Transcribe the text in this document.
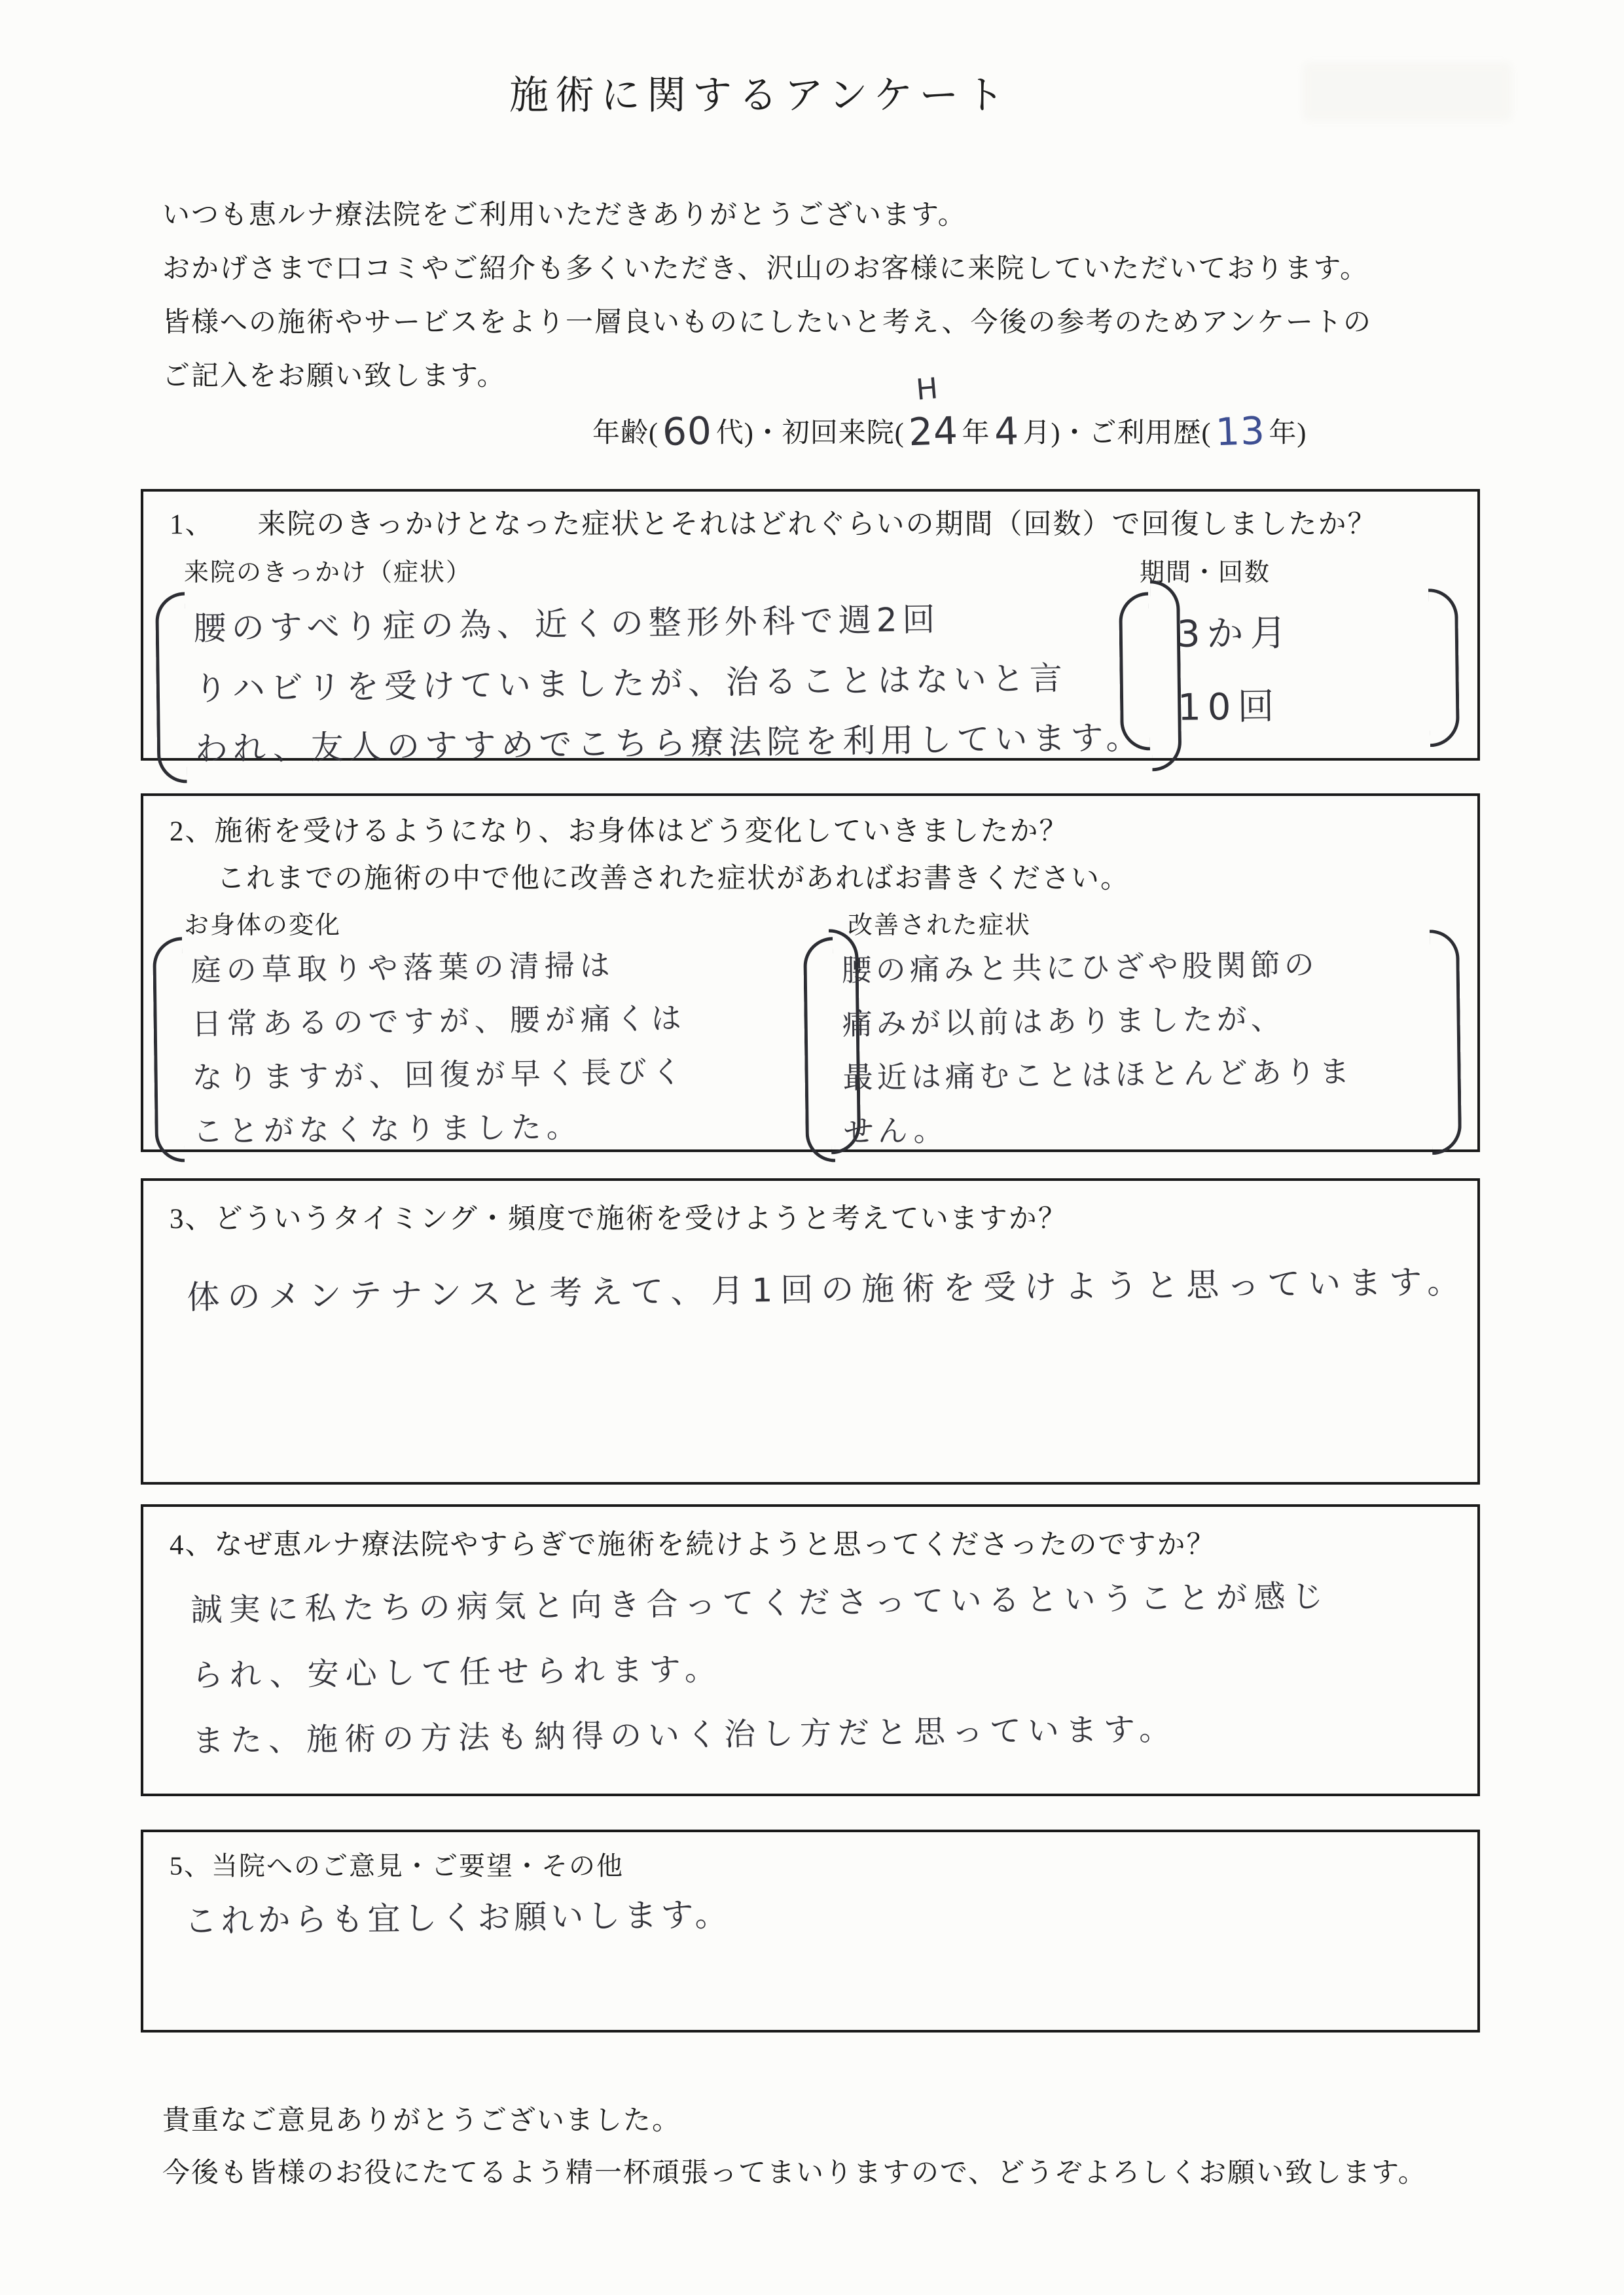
施術に関するアンケート
いつも恵ルナ療法院をご利用いただきありがとうございます。
おかげさまで口コミやご紹介も多くいただき、沢山のお客様に来院していただいております。
皆様への施術やサービスをより一層良いものにしたいと考え、今後の参考のためアンケートの
ご記入をお願い致します。
年齢(60 代)・初回来院(
H
24 年4 月)・ご利用歴(13 年)
1、 来院のきっかけとなった症状とそれはどれぐらいの期間（回数）で回復しましたか？
来院のきっかけ（症状）	期間・回数
腰のすべり症の為、近くの整形外科で週2回
りハビリを受けていましたが、治ることはないと言
われ、友人のすすめでこちら療法院を利用しています。
3か月
10回
2、施術を受けるようになり、お身体はどう変化していきましたか？
これまでの施術の中で他に改善された症状があればお書きください。
お身体の変化	改善された症状
庭の草取りや落葉の清掃は
日常あるのですが、腰が痛くは
なりますが、回復が早く長びく
ことがなくなりました。
腰の痛みと共にひざや股関節の
痛みが以前はありましたが、
最近は痛むことはほとんどありま
せん。
3、どういうタイミング・頻度で施術を受けようと考えていますか？
体のメンテナンスと考えて、月1回の施術を受けようと思っています。
4、なぜ恵ルナ療法院やすらぎで施術を続けようと思ってくださったのですか？
誠実に私たちの病気と向き合ってくださっているということが感じ
られ、安心して任せられます。
また、施術の方法も納得のいく治し方だと思っています。
5、当院へのご意見・ご要望・その他
これからも宜しくお願いします。
貴重なご意見ありがとうございました。
今後も皆様のお役にたてるよう精一杯頑張ってまいりますので、どうぞよろしくお願い致します。
